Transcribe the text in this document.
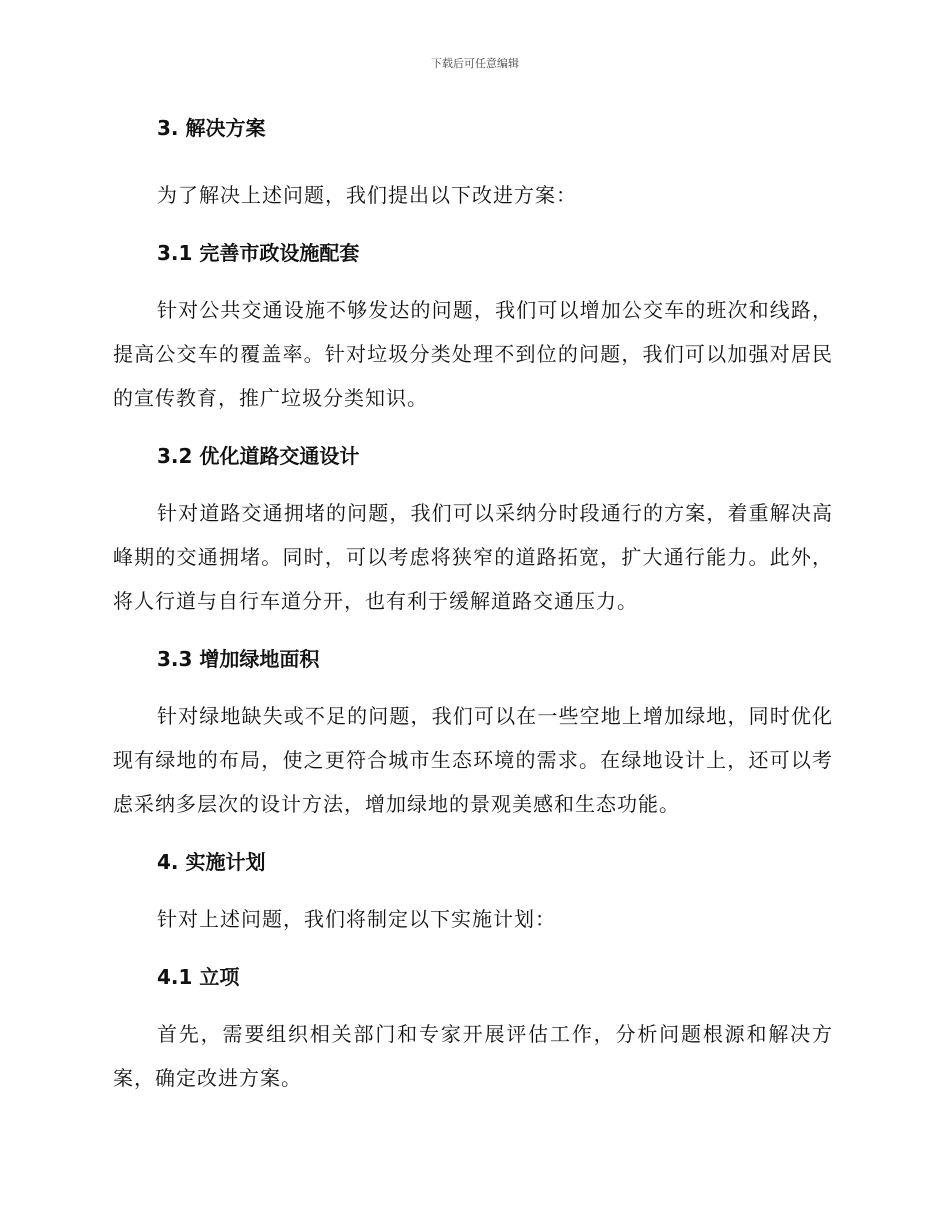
下载后可任意编辑
3. 解决方案

为了解决上述问题，我们提出以下改进方案：

3.1 完善市政设施配套

针对公共交通设施不够发达的问题，我们可以增加公交车的班次和线路，提高公交车的覆盖率。针对垃圾分类处理不到位的问题，我们可以加强对居民的宣传教育，推广垃圾分类知识。

3.2 优化道路交通设计

针对道路交通拥堵的问题，我们可以采纳分时段通行的方案，着重解决高峰期的交通拥堵。同时，可以考虑将狭窄的道路拓宽，扩大通行能力。此外，将人行道与自行车道分开，也有利于缓解道路交通压力。

3.3 增加绿地面积

针对绿地缺失或不足的问题，我们可以在一些空地上增加绿地，同时优化现有绿地的布局，使之更符合城市生态环境的需求。在绿地设计上，还可以考虑采纳多层次的设计方法，增加绿地的景观美感和生态功能。

4. 实施计划

针对上述问题，我们将制定以下实施计划：

4.1 立项

首先，需要组织相关部门和专家开展评估工作，分析问题根源和解决方案，确定改进方案。
